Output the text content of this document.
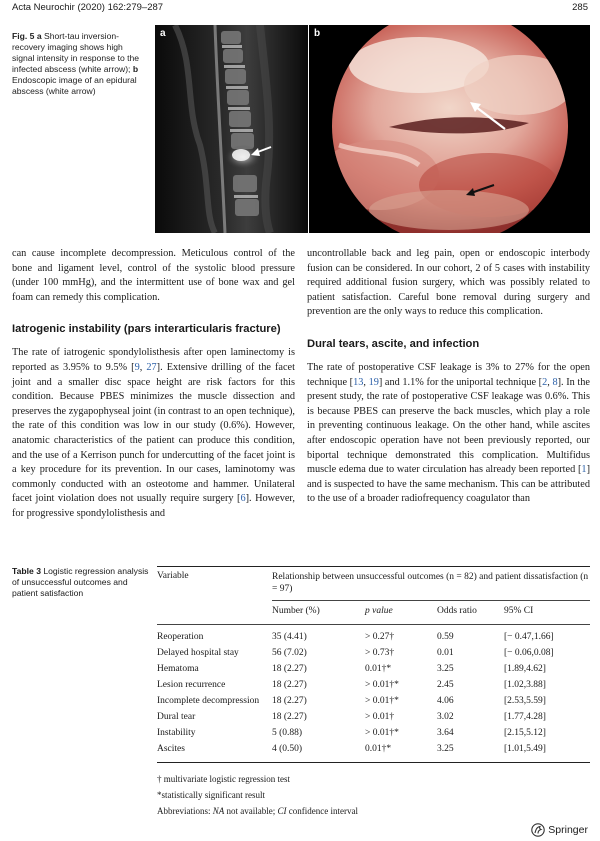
Acta Neurochir (2020) 162:279–287	285
Fig. 5 a Short-tau inversion-recovery imaging shows high signal intensity in response to the infected abscess (white arrow); b Endoscopic image of an epidural abscess (white arrow)
a	b

can cause incomplete decompression. Meticulous control of the bone and ligament level, control of the systolic blood pressure (under 100 mmHg), and the intermittent use of bone wax and gel foam can remedy this complication.

Iatrogenic instability (pars interarticularis fracture)

The rate of iatrogenic spondylolisthesis after open laminectomy is reported as 3.95% to 9.5% [9, 27]. Extensive drilling of the facet joint and a smaller disc space height are risk factors for this condition. Because PBES minimizes the muscle dissection and preserves the zygapophyseal joint (in contrast to an open technique), the rate of this condition was low in our study (0.6%). However, anatomic characteristics of the patient can produce this condition, and the use of a Kerrison punch for undercutting of the facet joint is a key procedure for its prevention. In our cases, laminotomy was commonly conducted with an osteotome and hammer. Unilateral facet joint violation does not usually require surgery [6]. However, for progressive spondylolisthesis and

uncontrollable back and leg pain, open or endoscopic interbody fusion can be considered. In our cohort, 2 of 5 cases with instability required additional fusion surgery, which was possibly related to patient satisfaction. Careful bone removal during surgery and prevention are the only ways to reduce this complication.

Dural tears, ascite, and infection

The rate of postoperative CSF leakage is 3% to 27% for the open technique [13, 19] and 1.1% for the uniportal technique [2, 8]. In the present study, the rate of postoperative CSF leakage was 0.6%. This is because PBES can preserve the back muscles, which play a role in preventing continuous leakage. On the other hand, while ascites after endoscopic operation have not been previously reported, our biportal technique demonstrated this complication. Multifidus muscle edema due to water circulation has already been reported [1] and is suspected to have the same mechanism. This can be attributed to the use of a broader radiofrequency coagulator than

Table 3 Logistic regression analysis of unsuccessful outcomes and patient satisfaction
Variable	Relationship between unsuccessful outcomes (n = 82) and patient dissatisfaction (n = 97)
Number (%)	p value	Odds ratio	95% CI
Reoperation	35 (4.41)	> 0.27†	0.59	[− 0.47,1.66]
Delayed hospital stay	56 (7.02)	> 0.73†	0.01	[− 0.06,0.08]
Hematoma	18 (2.27)	0.01†*	3.25	[1.89,4.62]
Lesion recurrence	18 (2.27)	> 0.01†*	2.45	[1.02,3.88]
Incomplete decompression 18 (2.27)	> 0.01†*	4.06	[2.53,5.59]
Dural tear	18 (2.27)	> 0.01†	3.02	[1.77,4.28]
Instability	5 (0.88)	> 0.01†*	3.64	[2.15,5.12]
Ascites	4 (0.50)	0.01†*	3.25	[1.01,5.49]
† multivariate logistic regression test
*statistically significant result
Abbreviations: NA not available; CI confidence interval
Springer
